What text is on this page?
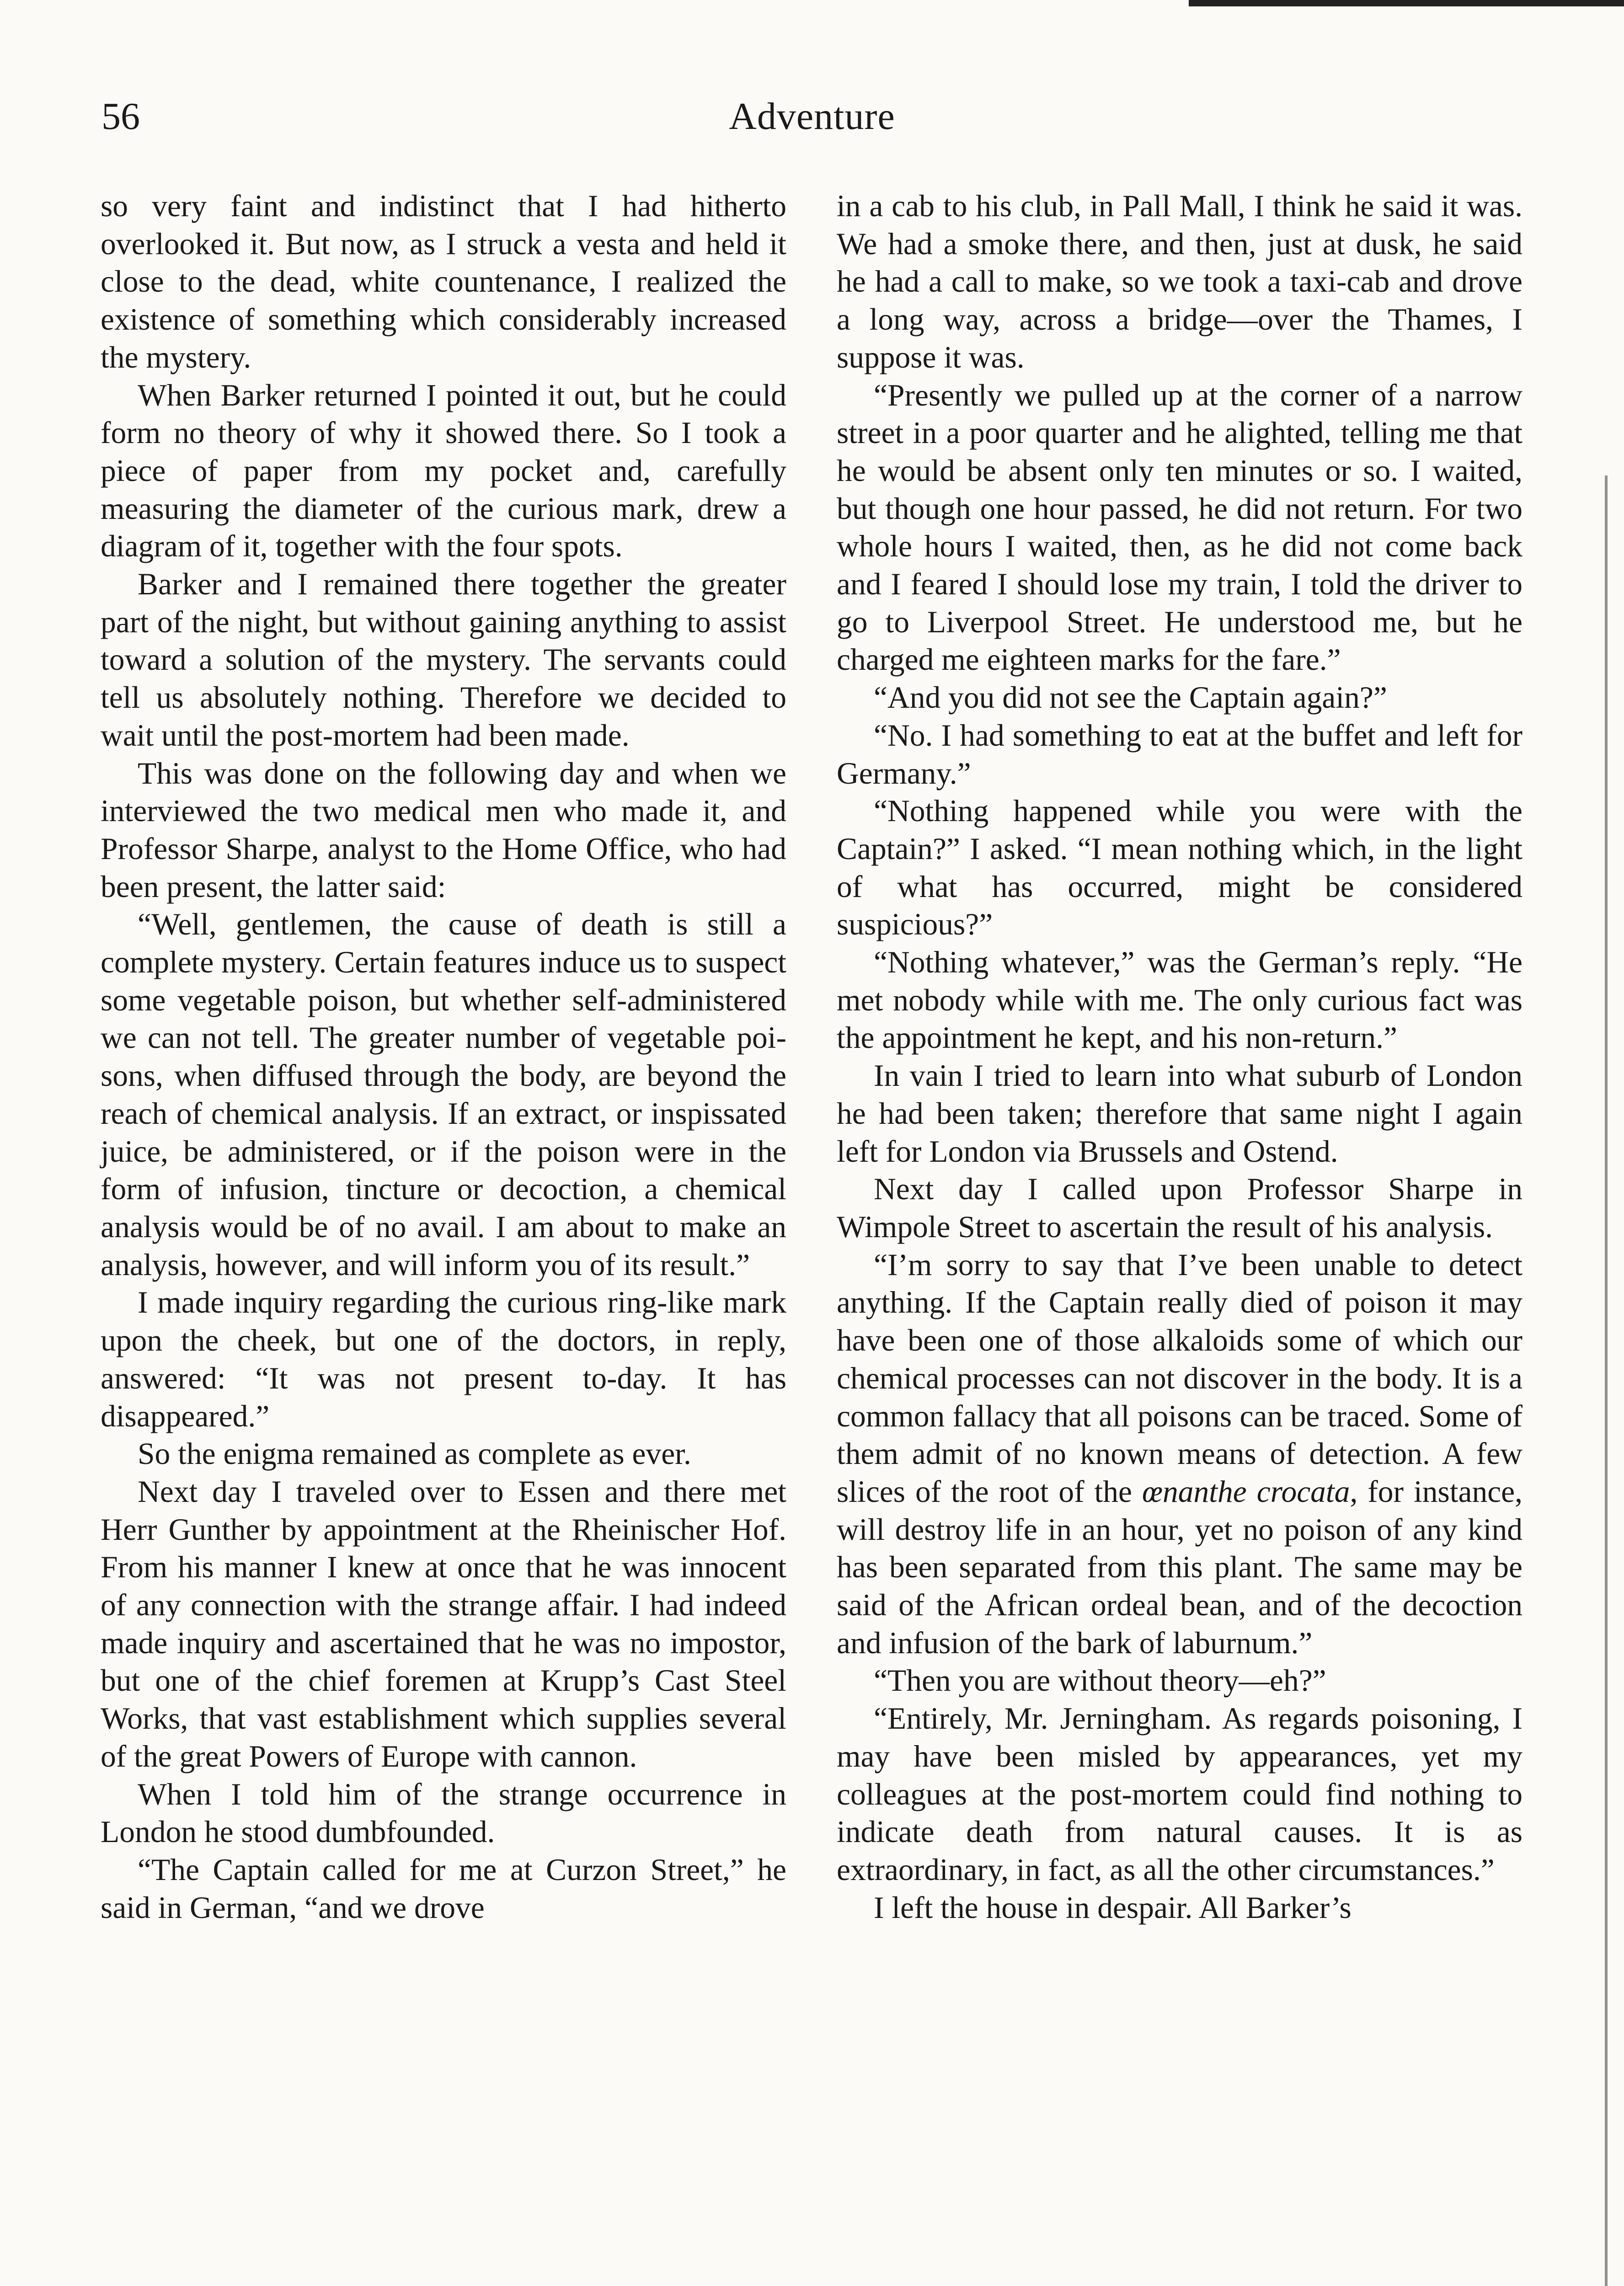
56	Adventure

so very faint and indistinct that I had hitherto overlooked it. But now, as I struck a vesta and held it close to the dead, white countenance, I realized the existence of something which considerably increased the mystery.

When Barker returned I pointed it out, but he could form no theory of why it showed there. So I took a piece of paper from my pocket and, carefully measuring the diameter of the curious mark, drew a diagram of it, together with the four spots.

Barker and I remained there together the greater part of the night, but without gaining anything to assist toward a solution of the mystery. The servants could tell us absolutely nothing. Therefore we decided to wait until the post-mortem had been made.

This was done on the following day and when we interviewed the two medical men who made it, and Professor Sharpe, analyst to the Home Office, who had been present, the latter said:

“Well, gentlemen, the cause of death is still a complete mystery. Certain features induce us to suspect some vegetable poison, but whether self-administered we can not tell. The greater number of vegetable poisons, when diffused through the body, are beyond the reach of chemical analysis. If an extract, or inspissated juice, be administered, or if the poison were in the form of infusion, tincture or decoction, a chemical analysis would be of no avail. I am about to make an analysis, however, and will inform you of its result.”

I made inquiry regarding the curious ring-like mark upon the cheek, but one of the doctors, in reply, answered: “It was not present to-day. It has disappeared.”

So the enigma remained as complete as ever.

Next day I traveled over to Essen and there met Herr Gunther by appointment at the Rheinischer Hof. From his manner I knew at once that he was innocent of any connection with the strange affair. I had indeed made inquiry and ascertained that he was no impostor, but one of the chief foremen at Krupp’s Cast Steel Works, that vast establishment which supplies several of the great Powers of Europe with cannon.

When I told him of the strange occurrence in London he stood dumbfounded.

“The Captain called for me at Curzon Street,” he said in German, “and we drove

in a cab to his club, in Pall Mall, I think he said it was. We had a smoke there, and then, just at dusk, he said he had a call to make, so we took a taxi-cab and drove a long way, across a bridge—over the Thames, I suppose it was.

“Presently we pulled up at the corner of a narrow street in a poor quarter and he alighted, telling me that he would be absent only ten minutes or so. I waited, but though one hour passed, he did not return. For two whole hours I waited, then, as he did not come back and I feared I should lose my train, I told the driver to go to Liverpool Street. He understood me, but he charged me eighteen marks for the fare.”

“And you did not see the Captain again?”

“No. I had something to eat at the buffet and left for Germany.”

“Nothing happened while you were with the Captain?” I asked. “I mean nothing which, in the light of what has occurred, might be considered suspicious?”

“Nothing whatever,” was the German’s reply. “He met nobody while with me. The only curious fact was the appointment he kept, and his non-return.”

In vain I tried to learn into what suburb of London he had been taken; therefore that same night I again left for London via Brussels and Ostend.

Next day I called upon Professor Sharpe in Wimpole Street to ascertain the result of his analysis.

“I’m sorry to say that I’ve been unable to detect anything. If the Captain really died of poison it may have been one of those alkaloids some of which our chemical processes can not discover in the body. It is a common fallacy that all poisons can be traced. Some of them admit of no known means of detection. A few slices of the root of the œnanthe crocata, for instance, will destroy life in an hour, yet no poison of any kind has been separated from this plant. The same may be said of the African ordeal bean, and of the decoction and infusion of the bark of laburnum.”

“Then you are without theory—eh?”

“Entirely, Mr. Jerningham. As regards poisoning, I may have been misled by appearances, yet my colleagues at the post-mortem could find nothing to indicate death from natural causes. It is as extraordinary, in fact, as all the other circumstances.”

I left the house in despair. All Barker’s
